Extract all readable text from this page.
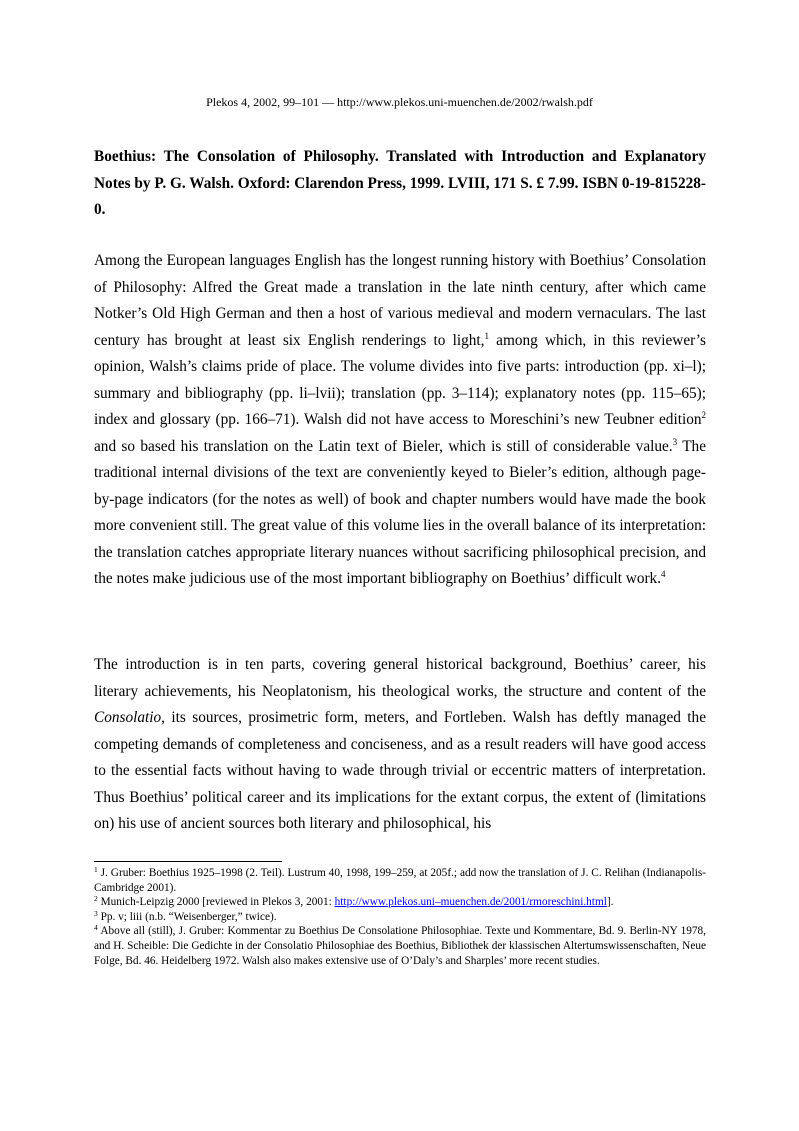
Plekos 4, 2002, 99–101 — http://www.plekos.uni-muenchen.de/2002/rwalsh.pdf
Boethius: The Consolation of Philosophy. Translated with Introduction and Explanatory Notes by P. G. Walsh. Oxford: Clarendon Press, 1999. LVIII, 171 S. £ 7.99. ISBN 0-19-815228-0.
Among the European languages English has the longest running history with Boethius’ Consolation of Philosophy: Alfred the Great made a translation in the late ninth century, after which came Notker’s Old High German and then a host of various medieval and modern vernaculars. The last century has brought at least six English renderings to light,$^1$ among which, in this reviewer’s opinion, Walsh’s claims pride of place. The volume divides into five parts: introduction (pp. xi–l); summary and bibliography (pp. li–lvii); translation (pp. 3–114); explanatory notes (pp. 115–65); index and glossary (pp. 166–71). Walsh did not have access to Moreschini’s new Teubner edition$^2$ and so based his translation on the Latin text of Bieler, which is still of considerable value.$^3$ The traditional internal divisions of the text are conveniently keyed to Bieler’s edition, although page-by-page indicators (for the notes as well) of book and chapter numbers would have made the book more convenient still. The great value of this volume lies in the overall balance of its interpretation: the translation catches appropriate literary nuances without sacrificing philosophical precision, and the notes make judicious use of the most important bibliography on Boethius’ difficult work.$^4$
The introduction is in ten parts, covering general historical background, Boethius’ career, his literary achievements, his Neoplatonism, his theological works, the structure and content of the Consolatio, its sources, prosimetric form, meters, and Fortleben. Walsh has deftly managed the competing demands of completeness and conciseness, and as a result readers will have good access to the essential facts without having to wade through trivial or eccentric matters of interpretation. Thus Boethius’ political career and its implications for the extant corpus, the extent of (limitations on) his use of ancient sources both literary and philosophical, his

$^1$ J. Gruber: Boethius 1925–1998 (2. Teil). Lustrum 40, 1998, 199–259, at 205f.; add now the translation of J. C. Relihan (Indianapolis-Cambridge 2001).

$^2$ Munich-Leipzig 2000 [reviewed in Plekos 3, 2001: http://www.plekos.uni–muenchen.de/2001/rmoreschini.html].

$^3$ Pp. v; liii (n.b. “Weisenberger,” twice).

$^4$ Above all (still), J. Gruber: Kommentar zu Boethius De Consolatione Philosophiae. Texte und Kommentare, Bd. 9. Berlin-NY 1978, and H. Scheible: Die Gedichte in der Consolatio Philosophiae des Boethius, Bibliothek der klassischen Altertumswissenschaften, Neue Folge, Bd. 46. Heidelberg 1972. Walsh also makes extensive use of O’Daly’s and Sharples’ more recent studies.
